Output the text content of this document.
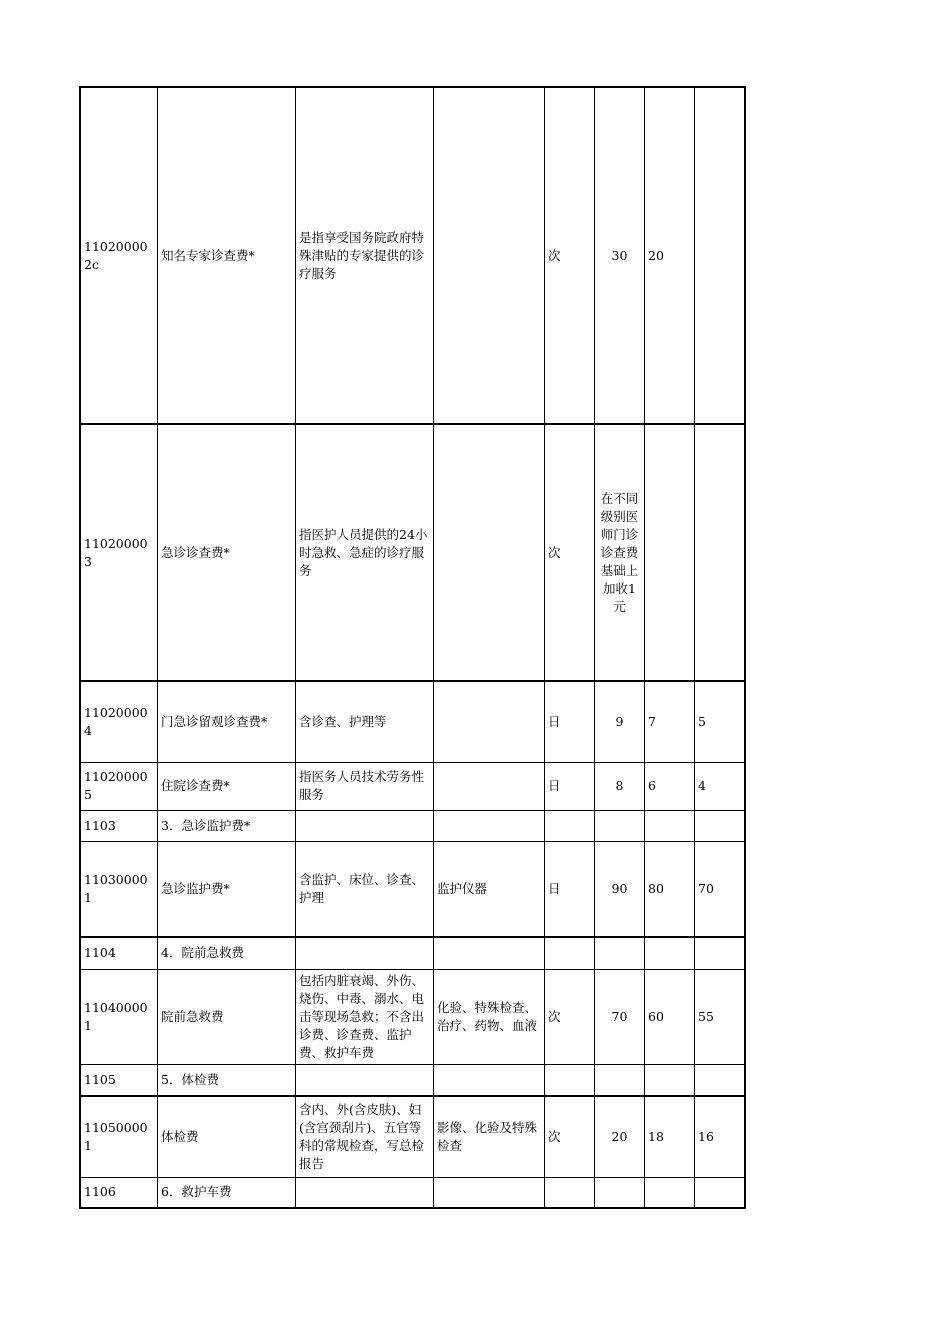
110200002c	知名专家诊查费*	是指享受国务院政府特殊津贴的专家提供的诊疗服务		次	30	20	
110200003	急诊诊查费*	指医护人员提供的24小时急救、急症的诊疗服务		次	在不同级别医师门诊诊查费基础上加收1元		
110200004	门急诊留观诊查费*	含诊查、护理等		日	9	7	5
110200005	住院诊查费*	指医务人员技术劳务性服务		日	8	6	4
1103	3．急诊监护费*						
110300001	急诊监护费*	含监护、床位、诊查、护理	监护仪器	日	90	80	70
1104	4．院前急救费						
110400001	院前急救费	包括内脏衰竭、外伤、烧伤、中毒、溺水、电击等现场急救；不含出诊费、诊查费、监护费、救护车费	化验、特殊检查、治疗、药物、血液	次	70	60	55
1105	5．体检费						
110500001	体检费	含内、外(含皮肤)、妇(含宫颈刮片)、五官等科的常规检查，写总检报告	影像、化验及特殊检查	次	20	18	16
1106	6．救护车费						
